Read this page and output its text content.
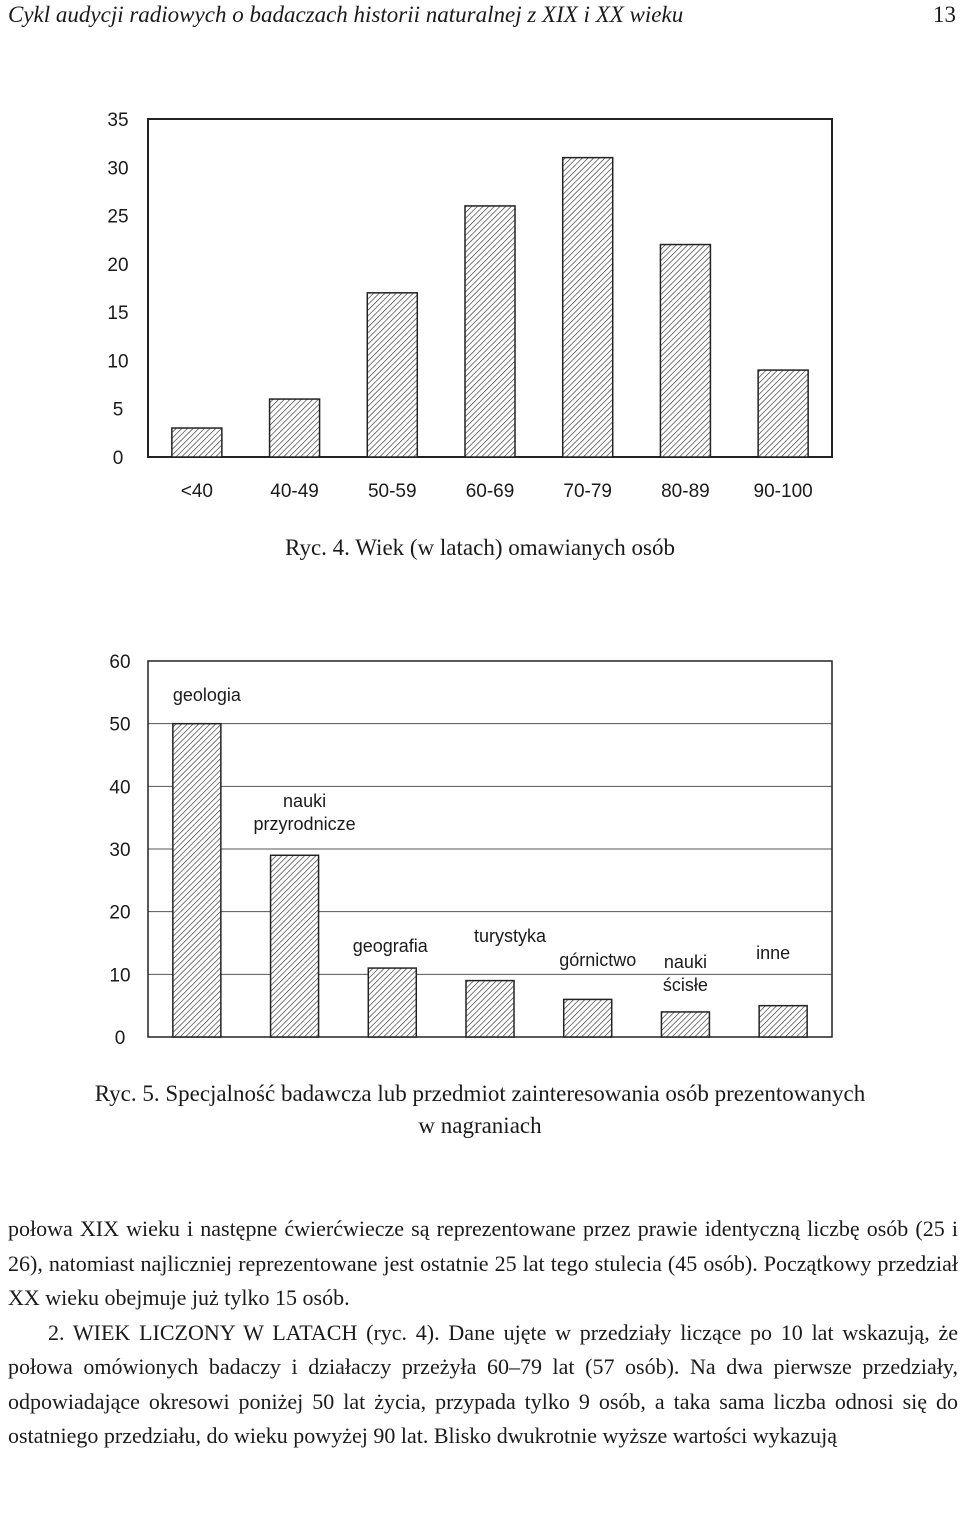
Cykl audycji radiowych o badaczach historii naturalnej z XIX i XX wieku	13
0
5
10
15
20
25
30
35
<40	40-49	50-59	60-69	70-79	80-89 90-100
Ryc. 4. Wiek (w latach) omawianych osób
0
10
20
30
40
50
60
geologia
nauki przyrodnicze
geografia	turystyka
górnictwo nauki ścisłe
inne
Ryc. 5. Specjalność badawcza lub przedmiot zainteresowania osób prezentowanych
w nagraniach

połowa XIX wieku i następne ćwierćwiecze są reprezentowane przez prawie identyczną liczbę osób (25 i 26), natomiast najliczniej reprezentowane jest ostatnie 25 lat tego stulecia (45 osób). Początkowy przedział XX wieku obejmuje już tylko 15 osób.

2. WIEK LICZONY W LATACH (ryc. 4). Dane ujęte w przedziały liczące po 10 lat wskazują, że połowa omówionych badaczy i działaczy przeżyła 60–79 lat (57 osób). Na dwa pierwsze przedziały, odpowiadające okresowi poniżej 50 lat życia, przypada tylko 9 osób, a taka sama liczba odnosi się do ostatniego przedziału, do wieku powyżej 90 lat. Blisko dwukrotnie wyższe wartości wykazują
